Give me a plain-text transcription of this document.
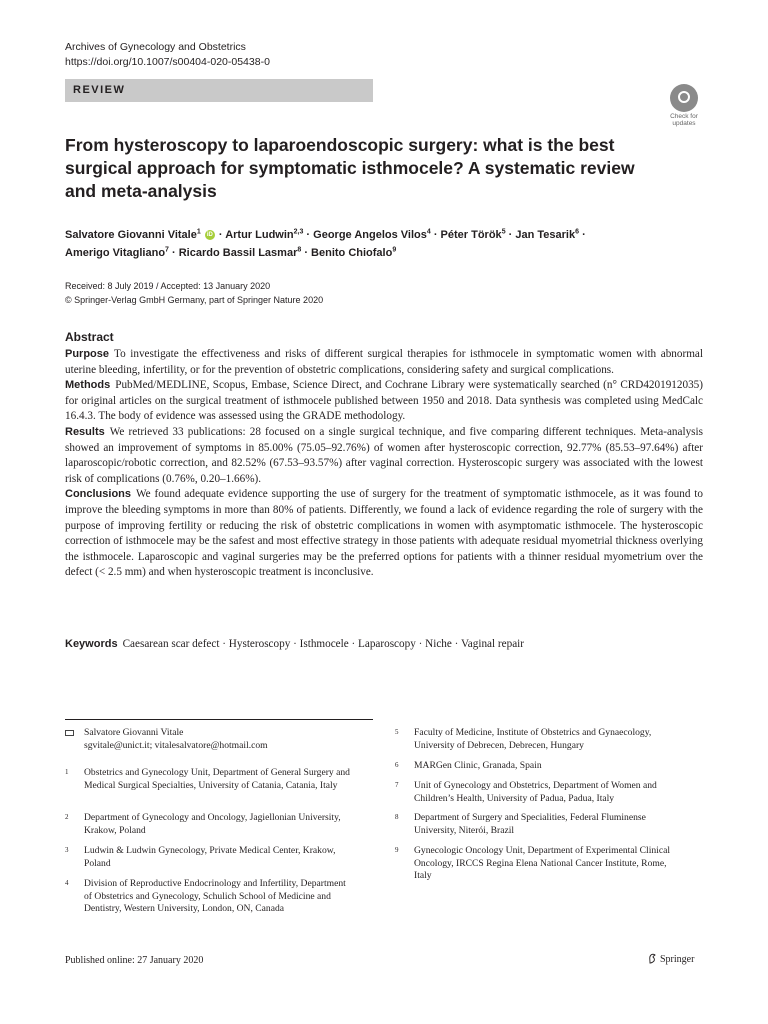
Archives of Gynecology and Obstetrics
https://doi.org/10.1007/s00404-020-05438-0
REVIEW
Check for
updates
From hysteroscopy to laparoendoscopic surgery: what is the best surgical approach for symptomatic isthmocele? A systematic review and meta-analysis
Salvatore Giovanni Vitale$^1$ iD · Artur Ludwin$^{2,3}$ · George Angelos Vilos$^4$ · Péter Török$^5$ · Jan Tesarik$^6$ ·
Amerigo Vitagliano$^7$ · Ricardo Bassil Lasmar$^8$ · Benito Chiofalo$^9$
Received: 8 July 2019 / Accepted: 13 January 2020
© Springer-Verlag GmbH Germany, part of Springer Nature 2020
Abstract

Purpose To investigate the effectiveness and risks of different surgical therapies for isthmocele in symptomatic women with abnormal uterine bleeding, infertility, or for the prevention of obstetric complications, considering safety and surgical complications.

Methods PubMed/MEDLINE, Scopus, Embase, Science Direct, and Cochrane Library were systematically searched (n° CRD4201912035) for original articles on the surgical treatment of isthmocele published between 1950 and 2018. Data synthesis was completed using MedCalc 16.4.3. The body of evidence was assessed using the GRADE methodology.

Results We retrieved 33 publications: 28 focused on a single surgical technique, and five comparing different techniques. Meta-analysis showed an improvement of symptoms in 85.00% (75.05–92.76%) of women after hysteroscopic correction, 92.77% (85.53–97.64%) after laparoscopic/robotic correction, and 82.52% (67.53–93.57%) after vaginal correction. Hysteroscopic surgery was associated with the lowest risk of complications (0.76%, 0.20–1.66%).

Conclusions We found adequate evidence supporting the use of surgery for the treatment of symptomatic isthmocele, as it was found to improve the bleeding symptoms in more than 80% of patients. Differently, we found a lack of evidence regarding the role of surgery with the purpose of improving fertility or reducing the risk of obstetric complications in women with asymptomatic isthmocele. The hysteroscopic correction of isthmocele may be the safest and most effective strategy in those patients with adequate residual myometrial thickness overlying the isthmocele. Laparoscopic and vaginal surgeries may be the preferred options for patients with a thinner residual myometrium over the defect (< 2.5 mm) and when hysteroscopic treatment is inconclusive.

Keywords Caesarean scar defect · Hysteroscopy · Isthmocele · Laparoscopy · Niche · Vaginal repair
Salvatore Giovanni Vitale
sgvitale@unict.it; vitalesalvatore@hotmail.com
1 Obstetrics and Gynecology Unit, Department of General Surgery and Medical Surgical Specialties, University of Catania, Catania, Italy
2 Department of Gynecology and Oncology, Jagiellonian University, Krakow, Poland
3 Ludwin & Ludwin Gynecology, Private Medical Center, Krakow, Poland
4 Division of Reproductive Endocrinology and Infertility, Department of Obstetrics and Gynecology, Schulich School of Medicine and Dentistry, Western University, London, ON, Canada
5 Faculty of Medicine, Institute of Obstetrics and Gynaecology, University of Debrecen, Debrecen, Hungary
6 MARGen Clinic, Granada, Spain
7 Unit of Gynecology and Obstetrics, Department of Women and Children’s Health, University of Padua, Padua, Italy
8 Department of Surgery and Specialities, Federal Fluminense University, Niterói, Brazil
9 Gynecologic Oncology Unit, Department of Experimental Clinical Oncology, IRCCS Regina Elena National Cancer Institute, Rome, Italy
Published online: 27 January 2020	Springer
